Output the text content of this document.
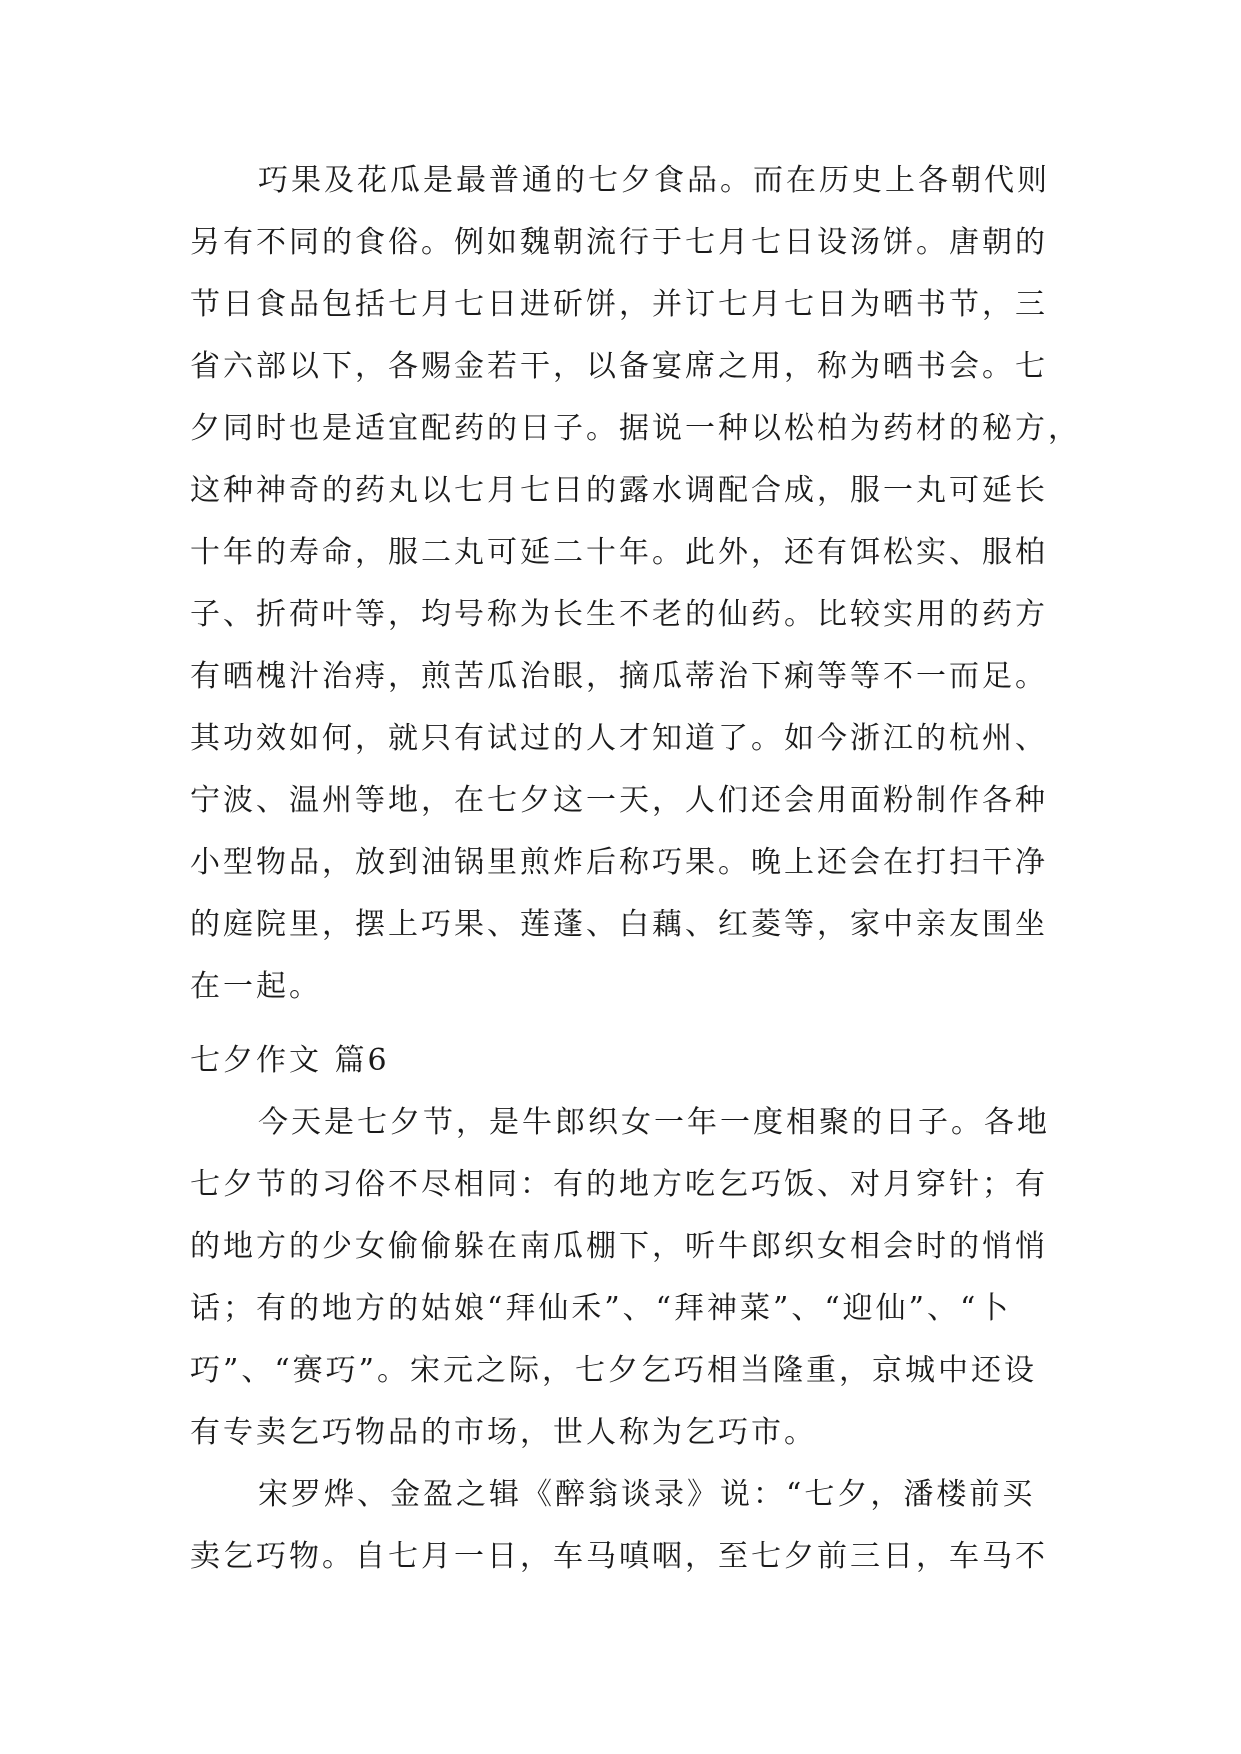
巧果及花瓜是最普通的七夕食品。而在历史上各朝代则
另有不同的食俗。例如魏朝流行于七月七日设汤饼。唐朝的
节日食品包括七月七日进斫饼，并订七月七日为晒书节，三
省六部以下，各赐金若干，以备宴席之用，称为晒书会。七
夕同时也是适宜配药的日子。据说一种以松柏为药材的秘方，
这种神奇的药丸以七月七日的露水调配合成，服一丸可延长
十年的寿命，服二丸可延二十年。此外，还有饵松实、服柏
子、折荷叶等，均号称为长生不老的仙药。比较实用的药方
有晒槐汁治痔，煎苦瓜治眼，摘瓜蒂治下痢等等不一而足。
其功效如何，就只有试过的人才知道了。如今浙江的杭州、
宁波、温州等地，在七夕这一天，人们还会用面粉制作各种
小型物品，放到油锅里煎炸后称巧果。晚上还会在打扫干净
的庭院里，摆上巧果、莲蓬、白藕、红菱等，家中亲友围坐
在一起。
七夕作文 篇6
今天是七夕节，是牛郎织女一年一度相聚的日子。各地
七夕节的习俗不尽相同：有的地方吃乞巧饭、对月穿针；有
的地方的少女偷偷躲在南瓜棚下，听牛郎织女相会时的悄悄
话；有的地方的姑娘“拜仙禾”、“拜神菜”、“迎仙”、“卜
巧”、“赛巧”。宋元之际，七夕乞巧相当隆重，京城中还设
有专卖乞巧物品的市场，世人称为乞巧市。
宋罗烨、金盈之辑《醉翁谈录》说：“七夕，潘楼前买
卖乞巧物。自七月一日，车马嗔咽，至七夕前三日，车马不
